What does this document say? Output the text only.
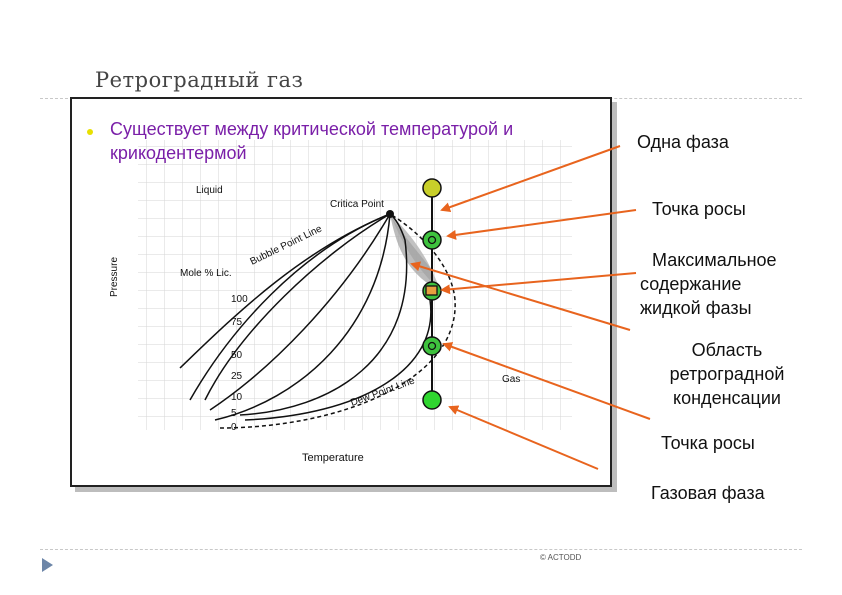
Ретроградный газ
Liquid
Critica Point
Bubble Point Line
Mole % Lic.
Gas
Dew Point Line
Pressure
Temperature
100
75
50
25
10
5
0
Существует между критической температурой и крикодентермой
Одна фаза
Точка росы
Максимальное
содержание
жидкой фазы
Область
ретроградной
конденсации
Точка росы
Газовая фаза
© ACTODD
